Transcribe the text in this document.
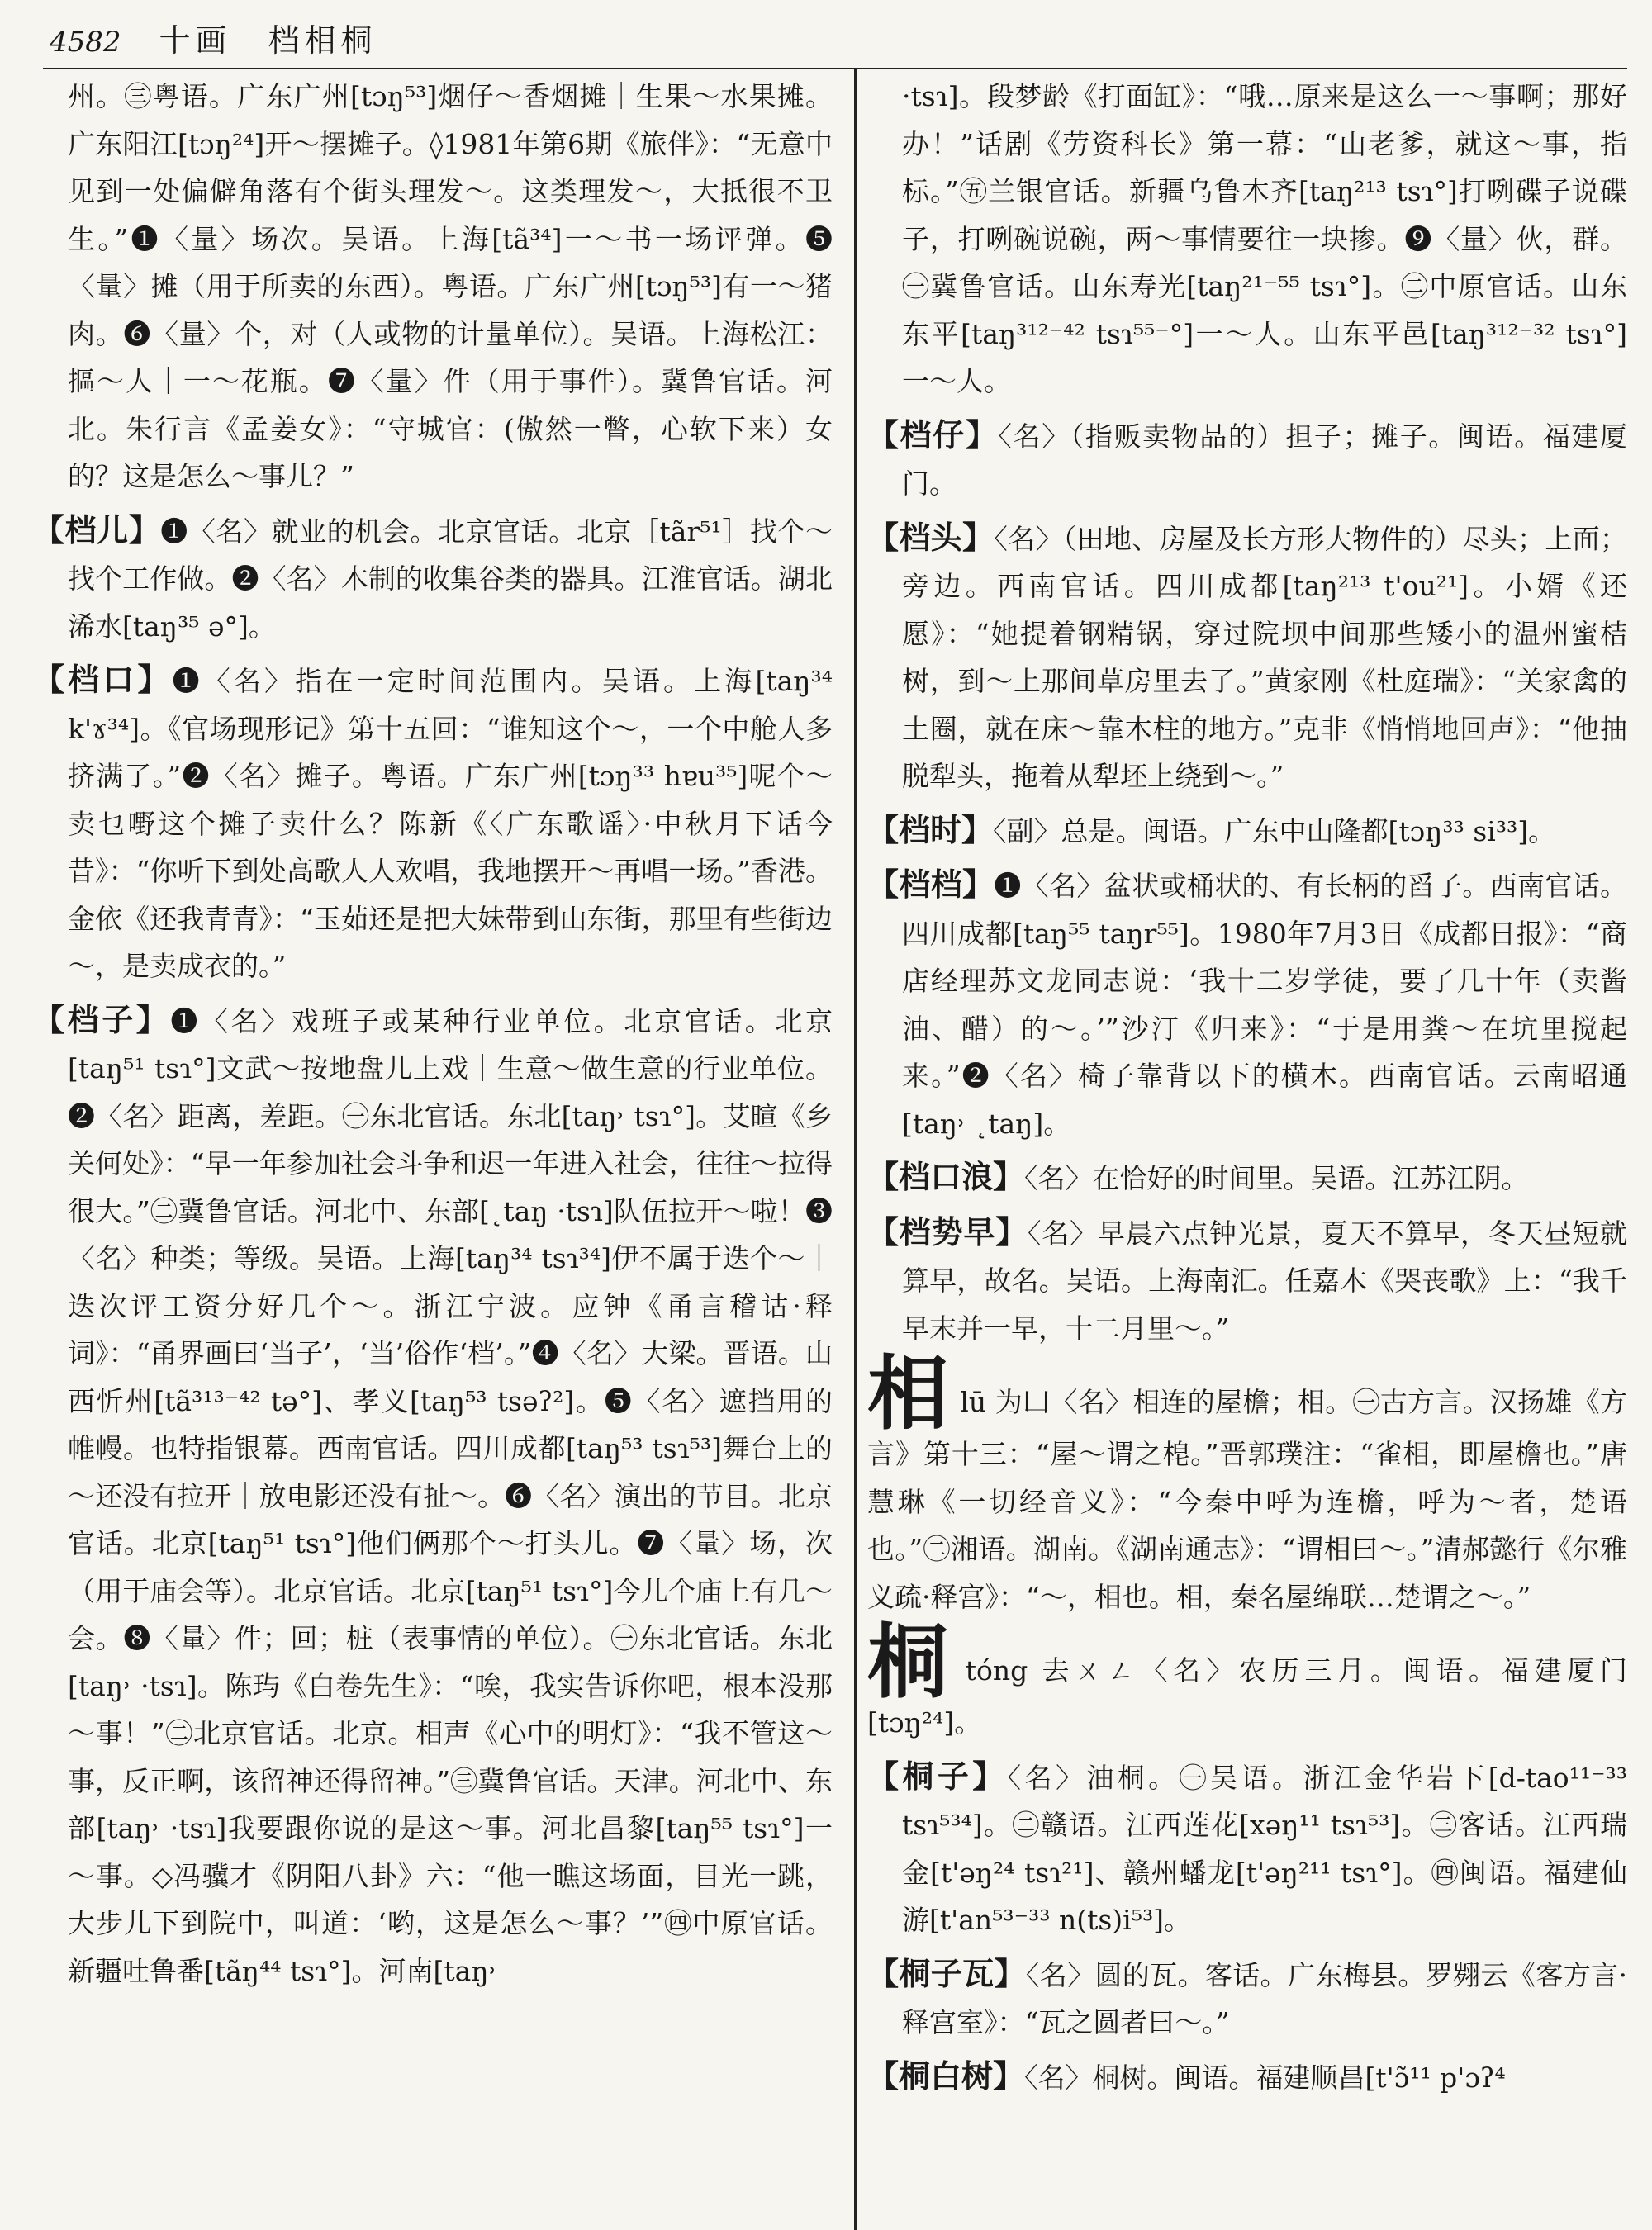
4582 十画　档相桐
州。㊂粤语。广东广州[tɔŋ⁵³]烟仔～香烟摊｜生果～水果摊。广东阳江[tɔŋ²⁴]开～摆摊子。◊1981年第6期《旅伴》：“无意中见到一处偏僻角落有个街头理发～。这类理发～，大抵很不卫生。”❶〈量〉场次。吴语。上海[tã³⁴]一～书一场评弹。❺〈量〉摊（用于所卖的东西）。粤语。广东广州[tɔŋ⁵³]有一～猪肉。❻〈量〉个，对（人或物的计量单位）。吴语。上海松江：摳～人｜一～花瓶。❼〈量〉件（用于事件）。冀鲁官话。河北。朱行言《孟姜女》：“守城官：(傲然一瞥，心软下来）女的？这是怎么～事儿？”
【档儿】❶〈名〉就业的机会。北京官话。北京［tãr⁵¹］找个～找个工作做。❷〈名〉木制的收集谷类的器具。江淮官话。湖北浠水[taŋ³⁵ ə°]。
【档口】❶〈名〉指在一定时间范围内。吴语。上海[taŋ³⁴ k'ɤ³⁴]。《官场现形记》第十五回：“谁知这个～，一个中舱人多挤满了。”❷〈名〉摊子。粤语。广东广州[tɔŋ³³ hɐu³⁵]呢个～卖乜嘢这个摊子卖什么？陈新《〈广东歌谣〉·中秋月下话今昔》：“你听下到处高歌人人欢唱，我地摆开～再唱一场。”香港。金依《还我青青》：“玉茹还是把大妹带到山东街，那里有些街边～，是卖成衣的。”
【档子】❶〈名〉戏班子或某种行业单位。北京官话。北京[taŋ⁵¹ tsɿ°]文武～按地盘儿上戏｜生意～做生意的行业单位。❷〈名〉距离，差距。㊀东北官话。东北[taŋ˒ tsɿ°]。艾暄《乡关何处》：“早一年参加社会斗争和迟一年进入社会，往往～拉得很大。”㊁冀鲁官话。河北中、东部[˛taŋ ·tsɿ]队伍拉开～啦！❸〈名〉种类；等级。吴语。上海[taŋ³⁴ tsɿ³⁴]伊不属于迭个～｜迭次评工资分好几个～。浙江宁波。应钟《甬言稽诂·释词》：“甬界画曰‘当子’，‘当’俗作‘档’。”❹〈名〉大梁。晋语。山西忻州[tã³¹³⁻⁴² tə°]、孝义[taŋ⁵³ tsəʔ²]。❺〈名〉遮挡用的帷幔。也特指银幕。西南官话。四川成都[taŋ⁵³ tsɿ⁵³]舞台上的～还没有拉开｜放电影还没有扯～。❻〈名〉演出的节目。北京官话。北京[taŋ⁵¹ tsɿ°]他们俩那个～打头儿。❼〈量〉场，次（用于庙会等）。北京官话。北京[taŋ⁵¹ tsɿ°]今儿个庙上有几～会。❽〈量〉件；回；桩（表事情的单位）。㊀东北官话。东北[taŋ˒ ·tsɿ]。陈玙《白卷先生》：“唉，我实告诉你吧，根本没那～事！”㊁北京官话。北京。相声《心中的明灯》：“我不管这～事，反正啊，该留神还得留神。”㊂冀鲁官话。天津。河北中、东部[taŋ˒ ·tsɿ]我要跟你说的是这～事。河北昌黎[taŋ⁵⁵ tsɿ°]一～事。◇冯骥才《阴阳八卦》六：“他一瞧这场面，目光一跳，大步儿下到院中，叫道：‘哟，这是怎么～事？’”㊃中原官话。新疆吐鲁番[tãŋ⁴⁴ tsɿ°]。河南[taŋ˒
·tsɿ]。段梦龄《打面缸》：“哦…原来是这么一～事啊；那好办！”话剧《劳资科长》第一幕：“山老爹，就这～事，指标。”㊄兰银官话。新疆乌鲁木齐[taŋ²¹³ tsɿ°]打咧碟子说碟子，打咧碗说碗，两～事情要往一块掺。❾〈量〉伙，群。㊀冀鲁官话。山东寿光[taŋ²¹⁻⁵⁵ tsɿ°]。㊁中原官话。山东东平[taŋ³¹²⁻⁴² tsɿ⁵⁵⁻°]一～人。山东平邑[taŋ³¹²⁻³² tsɿ°]一～人。
【档仔】〈名〉（指贩卖物品的）担子；摊子。闽语。福建厦门。
【档头】〈名〉（田地、房屋及长方形大物件的）尽头；上面；旁边。西南官话。四川成都[taŋ²¹³ t'ou²¹]。小婿《还愿》：“她提着钢精锅，穿过院坝中间那些矮小的温州蜜桔树，到～上那间草房里去了。”黄家刚《杜庭瑞》：“关家禽的土圈，就在床～靠木柱的地方。”克非《悄悄地回声》：“他抽脱犁头，拖着从犁坯上绕到～。”
【档时】〈副〉总是。闽语。广东中山隆都[tɔŋ³³ si³³]。
【档档】❶〈名〉盆状或桶状的、有长柄的舀子。西南官话。四川成都[taŋ⁵⁵ taŋr⁵⁵]。1980年7月3日《成都日报》：“商店经理苏文龙同志说：‘我十二岁学徒，要了几十年（卖酱油、醋）的～。’”沙汀《归来》：“于是用粪～在坑里搅起来。”❷〈名〉椅子靠背以下的横木。西南官话。云南昭通[taŋ˒ ˛taŋ]。
【档口浪】〈名〉在恰好的时间里。吴语。江苏江阴。
【档势早】〈名〉早晨六点钟光景，夏天不算早，冬天昼短就算早，故名。吴语。上海南汇。任嘉木《哭丧歌》上：“我千早末并一早，十二月里～。”
相lū 为凵〈名〉相连的屋檐；相。㊀古方言。汉扬雄《方言》第十三：“屋～谓之梍。”晋郭璞注：“雀相，即屋檐也。”唐慧琳《一切经音义》：“今秦中呼为连檐，呼为～者，楚语也。”㊁湘语。湖南。《湖南通志》：“谓相曰～。”清郝懿行《尔雅义疏·释宫》：“～，相也。相，秦名屋绵联…楚谓之～。”
桐tóng 去ㄨㄥ〈名〉农历三月。闽语。福建厦门[tɔŋ²⁴]。
【桐子】〈名〉油桐。㊀吴语。浙江金华岩下[d-tao¹¹⁻³³ tsɿ⁵³⁴]。㊁赣语。江西莲花[xəŋ¹¹ tsɿ⁵³]。㊂客话。江西瑞金[t'əŋ²⁴ tsɿ²¹]、赣州蟠龙[t'əŋ²¹¹ tsɿ°]。㊃闽语。福建仙游[t'an⁵³⁻³³ n(ts)i⁵³]。
【桐子瓦】〈名〉圆的瓦。客话。广东梅县。罗翙云《客方言·释宫室》：“瓦之圆者曰～。”
【桐白树】〈名〉桐树。闽语。福建顺昌[t'ɔ̃¹¹ p'ɔʔ⁴
